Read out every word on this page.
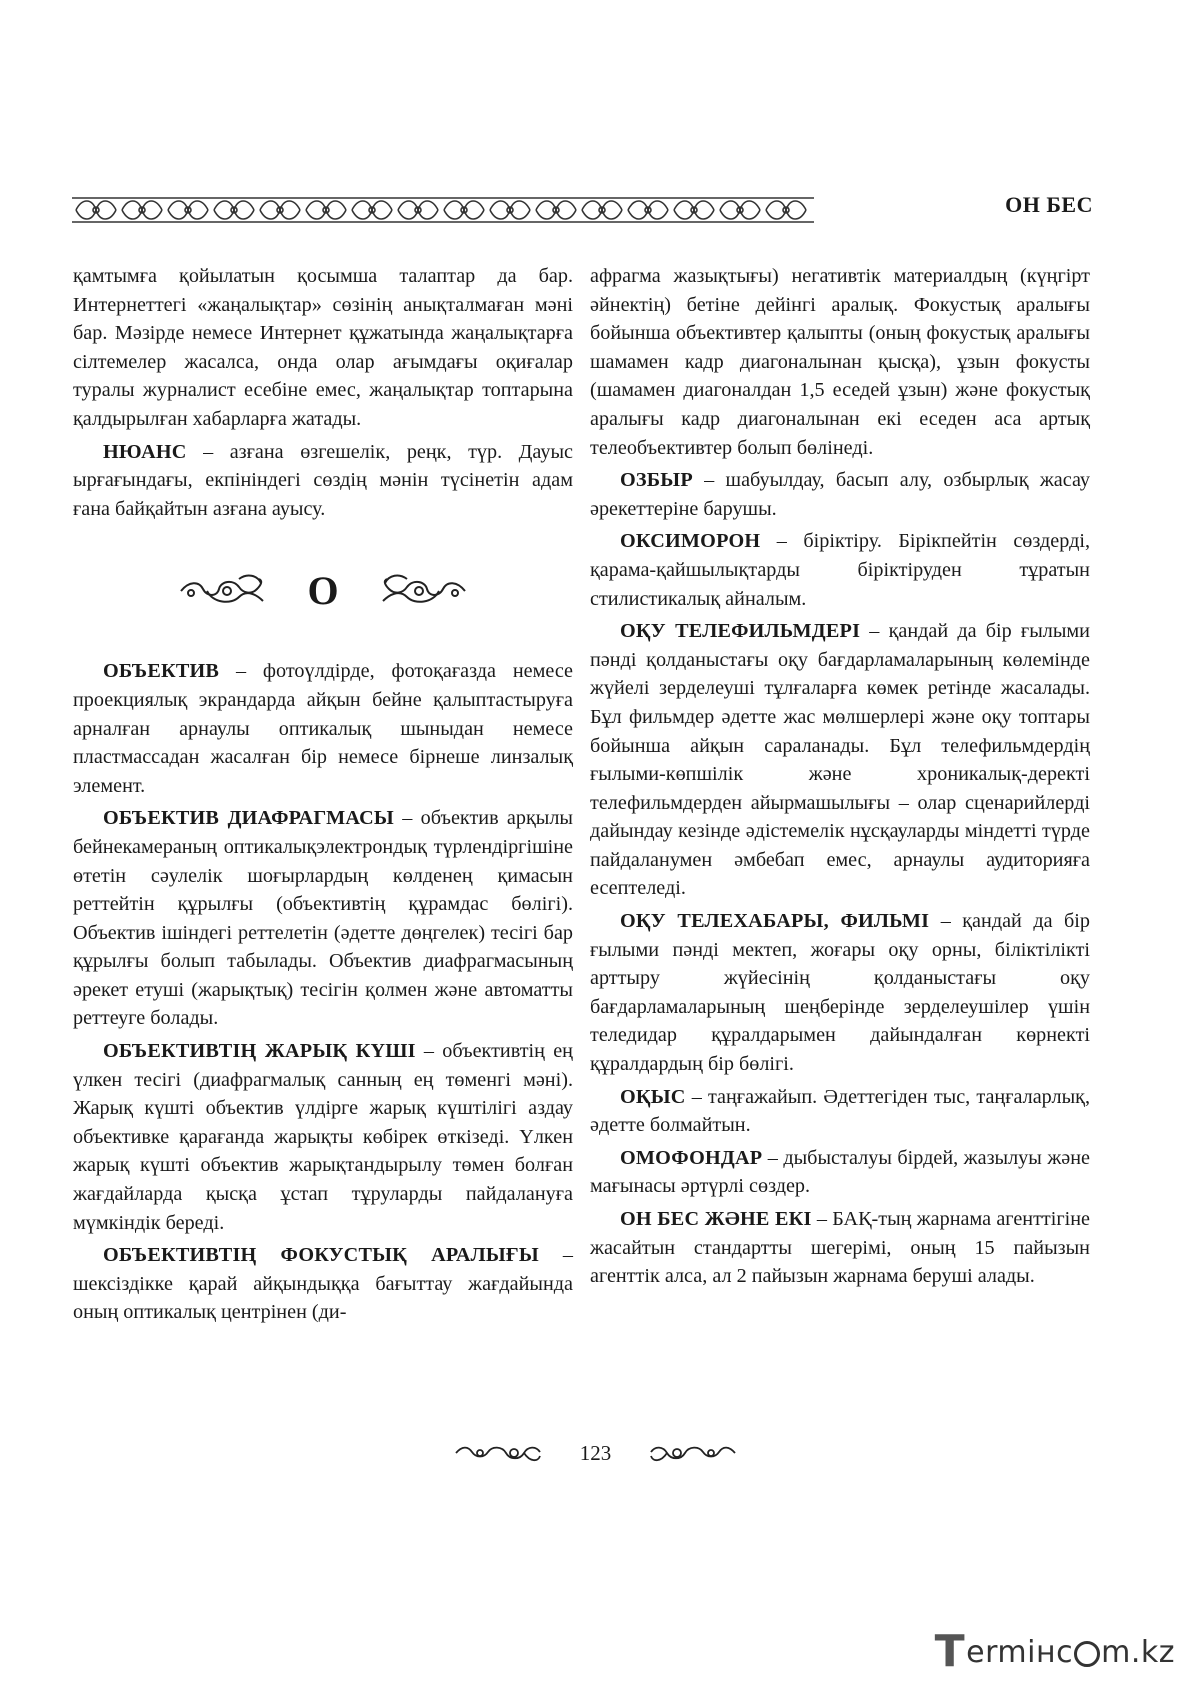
ОН БЕС

қамтымға қойылатын қосымша талаптар да бар. Интернеттегі «жаңалықтар» сөзінің анықталмаған мәні бар. Мәзірде немесе Интернет құжатында жаңалықтарға сілтемелер жасалса, онда олар ағымдағы оқиғалар туралы журналист есебіне емес, жаңалықтар топтарына қалдырылған хабарларға жатады.

НЮАНС – азғана өзгешелік, реңк, түр. Дауыс ырғағындағы, екпініндегі сөздің мәнін түсінетін адам ғана байқайтын азғана ауысу.

О

ОБЪЕКТИВ – фотоүлдірде, фотоқағазда немесе проекциялық экрандарда айқын бейне қалыптастыруға арналған арнаулы оптикалық шыныдан немесе пластмассадан жасалған бір немесе бірнеше линзалық элемент.

ОБЪЕКТИВ ДИАФРАГМАСЫ – объектив арқылы бейнекамераның оптикалықэлектрондық түрлендіргішіне өтетін сәулелік шоғырлардың көлденең қимасын реттейтін құрылғы (объективтің құрамдас бөлігі). Объектив ішіндегі реттелетін (әдетте дөңгелек) тесігі бар құрылғы болып табылады. Объектив диафрагмасының әрекет етуші (жарықтық) тесігін қолмен және автоматты реттеуге болады.

ОБЪЕКТИВТІҢ ЖАРЫҚ КҮШІ – объективтің ең үлкен тесігі (диафрагмалық санның ең төменгі мәні). Жарық күшті объектив үлдірге жарық күштілігі аздау объективке қарағанда жарықты көбірек өткізеді. Үлкен жарық күшті объектив жарықтандырылу төмен болған жағдайларда қысқа ұстап тұруларды пайдалануға мүмкіндік береді.

ОБЪЕКТИВТІҢ ФОКУСТЫҚ АРАЛЫҒЫ – шексіздікке қарай айқындыққа бағыттау жағдайында оның оптикалық центрінен (ди-

афрагма жазықтығы) негативтік материалдың (күңгірт әйнектің) бетіне дейінгі аралық. Фокустық аралығы бойынша объективтер қалыпты (оның фокустық аралығы шамамен кадр диагоналынан қысқа), ұзын фокусты (шамамен диагоналдан 1,5 еседей ұзын) және фокустық аралығы кадр диагоналынан екі еседен аса артық телеобъективтер болып бөлінеді.

ОЗБЫР – шабуылдау, басып алу, озбырлық жасау әрекеттеріне барушы.

ОКСИМОРОН – біріктіру. Бірікпейтін сөздерді, қарама-қайшылықтарды біріктіруден тұратын стилистикалық айналым.

ОҚУ ТЕЛЕФИЛЬМДЕРІ – қандай да бір ғылыми пәнді қолданыстағы оқу бағдарламаларының көлемінде жүйелі зерделеуші тұлғаларға көмек ретінде жасалады. Бұл фильмдер әдетте жас мөлшерлері және оқу топтары бойынша айқын сараланады. Бұл телефильмдердің ғылыми-көпшілік және хроникалық-деректі телефильмдерден айырмашылығы – олар сценарийлерді дайындау кезінде әдістемелік нұсқауларды міндетті түрде пайдаланумен әмбебап емес, арнаулы аудиторияға есептеледі.

ОҚУ ТЕЛЕХАБАРЫ, ФИЛЬМІ – қандай да бір ғылыми пәнді мектеп, жоғары оқу орны, біліктілікті арттыру жүйесінің қолданыстағы оқу бағдарламаларының шеңберінде зерделеушілер үшін теледидар құралдарымен дайындалған көрнекті құралдардың бір бөлігі.

ОҚЫС – таңғажайып. Әдеттегіден тыс, таңғаларлық, әдетте болмайтын.

ОМОФОНДАР – дыбысталуы бірдей, жазылуы және мағынасы әртүрлі сөздер.

ОН БЕС ЖӘНЕ ЕКІ – БАҚ-тың жарнама агенттігіне жасайтын стандартты шегерімі, оның 15 пайызын агенттік алса, ал 2 пайызын жарнама беруші алады.

123
T ermінс m.kz
